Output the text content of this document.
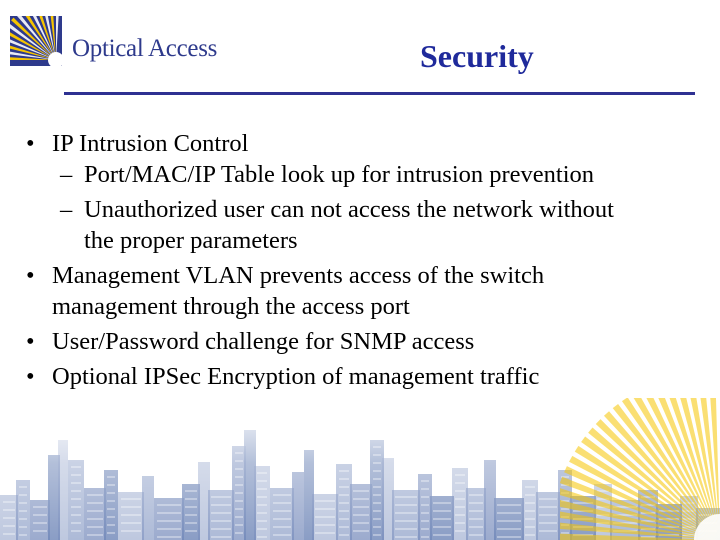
Optical Access	Security
• IP Intrusion Control
– Port/MAC/IP Table look up for intrusion prevention
– Unauthorized user can not access the network without
the proper parameters
• Management VLAN prevents access of the switch
management through the access port
• User/Password challenge for SNMP access
• Optional IPSec Encryption of management traffic
